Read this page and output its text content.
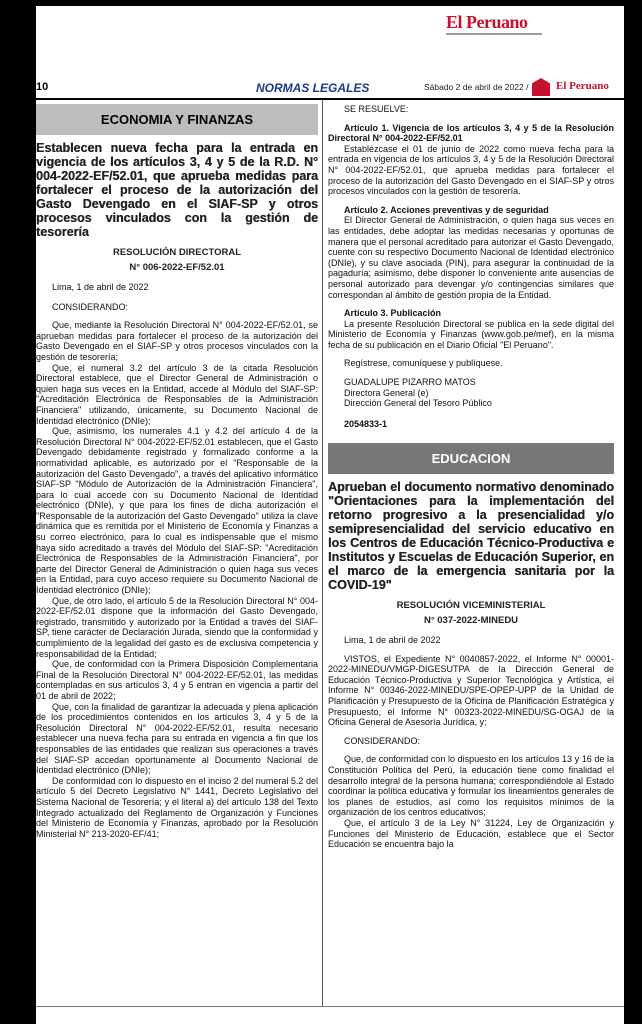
El Peruano
10	NORMAS LEGALES	Sábado 2 de abril de 2022 /	El Peruano
ECONOMIA Y FINANZAS
Establecen nueva fecha para la entrada en vigencia de los artículos 3, 4 y 5 de la R.D. N° 004-2022-EF/52.01, que aprueba medidas para fortalecer el proceso de la autorización del Gasto Devengado en el SIAF-SP y otros procesos vinculados con la gestión de tesorería
RESOLUCIÓN DIRECTORAL
N° 006-2022-EF/52.01

Lima, 1 de abril de 2022

CONSIDERANDO:

Que, mediante la Resolución Directoral N° 004-2022-EF/52.01, se aprueban medidas para fortalecer el proceso de la autorización del Gasto Devengado en el SIAF-SP y otros procesos vinculados con la gestión de tesorería;

Que, el numeral 3.2 del artículo 3 de la citada Resolución Directoral establece, que el Director General de Administración o quien haga sus veces en la Entidad, accede al Módulo del SIAF-SP: "Acreditación Electrónica de Responsables de la Administración Financiera" utilizando, únicamente, su Documento Nacional de Identidad electrónico (DNIe);

Que, asimismo, los numerales 4.1 y 4.2 del artículo 4 de la Resolución Directoral N° 004-2022-EF/52.01 establecen, que el Gasto Devengado debidamente registrado y formalizado conforme a la normatividad aplicable, es autorizado por el "Responsable de la autorización del Gasto Devengado", a través del aplicativo informático SIAF-SP "Módulo de Autorización de la Administración Financiera", para lo cual accede con su Documento Nacional de Identidad electrónico (DNIe), y que para los fines de dicha autorización el "Responsable de la autorización del Gasto Devengado" utiliza la clave dinámica que es remitida por el Ministerio de Economía y Finanzas a su correo electrónico, para lo cual es indispensable que el mismo haya sido acreditado a través del Módulo del SIAF-SP: "Acreditación Electrónica de Responsables de la Administración Financiera", por parte del Director General de Administración o quien haga sus veces en la Entidad, para cuyo acceso requiere su Documento Nacional de Identidad electrónico (DNIe);

Que, de otro lado, el artículo 5 de la Resolución Directoral N° 004-2022-EF/52.01 dispone que la información del Gasto Devengado, registrado, transmitido y autorizado por la Entidad a través del SIAF-SP, tiene carácter de Declaración Jurada, siendo que la conformidad y cumplimiento de la legalidad del gasto es de exclusiva competencia y responsabilidad de la Entidad;

Que, de conformidad con la Primera Disposición Complementaria Final de la Resolución Directoral N° 004-2022-EF/52.01, las medidas contempladas en sus artículos 3, 4 y 5 entran en vigencia a partir del 01 de abril de 2022;

Que, con la finalidad de garantizar la adecuada y plena aplicación de los procedimientos contenidos en los artículos 3, 4 y 5 de la Resolución Directoral N° 004-2022-EF/52.01, resulta necesario establecer una nueva fecha para su entrada en vigencia a fin que los responsables de las entidades que realizan sus operaciones a través del SIAF-SP accedan oportunamente al Documento Nacional de Identidad electrónico (DNIe);

De conformidad con lo dispuesto en el inciso 2 del numeral 5.2 del artículo 5 del Decreto Legislativo N° 1441, Decreto Legislativo del Sistema Nacional de Tesorería; y el literal a) del artículo 138 del Texto Integrado actualizado del Reglamento de Organización y Funciones del Ministerio de Economía y Finanzas, aprobado por la Resolución Ministerial N° 213-2020-EF/41;

SE RESUELVE:

Artículo 1. Vigencia de los artículos 3, 4 y 5 de la Resolución Directoral N° 004-2022-EF/52.01

Establézcase el 01 de junio de 2022 como nueva fecha para la entrada en vigencia de los artículos 3, 4 y 5 de la Resolución Directoral N° 004-2022-EF/52.01, que aprueba medidas para fortalecer el proceso de la autorización del Gasto Devengado en el SIAF-SP y otros procesos vinculados con la gestión de tesorería.

Artículo 2. Acciones preventivas y de seguridad

El Director General de Administración, o quien haga sus veces en las entidades, debe adoptar las medidas necesarias y oportunas de manera que el personal acreditado para autorizar el Gasto Devengado, cuente con su respectivo Documento Nacional de Identidad electrónico (DNIe), y su clave asociada (PIN), para asegurar la continuidad de la pagaduría; asimismo, debe disponer lo conveniente ante ausencias de personal autorizado para devengar y/o contingencias similares que correspondan al ámbito de gestión propia de la Entidad.

Artículo 3. Publicación

La presente Resolución Directoral se publica en la sede digital del Ministerio de Economía y Finanzas (www.gob.pe/mef), en la misma fecha de su publicación en el Diario Oficial "El Peruano".

Regístrese, comuníquese y publíquese.

GUADALUPE PIZARRO MATOS
Directora General (e)
Dirección General del Tesoro Público
2054833-1
EDUCACION
Aprueban el documento normativo denominado "Orientaciones para la implementación del retorno progresivo a la presencialidad y/o semipresencialidad del servicio educativo en los Centros de Educación Técnico-Productiva e Institutos y Escuelas de Educación Superior, en el marco de la emergencia sanitaria por la COVID-19"
RESOLUCIÓN VICEMINISTERIAL
N° 037-2022-MINEDU

Lima, 1 de abril de 2022

VISTOS, el Expediente N° 0040857-2022, el Informe N° 00001-2022-MINEDU/VMGP-DIGESUTPA de la Dirección General de Educación Técnico-Productiva y Superior Tecnológica y Artística, el Informe N° 00346-2022-MINEDU/SPE-OPEP-UPP de la Unidad de Planificación y Presupuesto de la Oficina de Planificación Estratégica y Presupuesto, el Informe N° 00323-2022-MINEDU/SG-OGAJ de la Oficina General de Asesoría Jurídica, y;

CONSIDERANDO:

Que, de conformidad con lo dispuesto en los artículos 13 y 16 de la Constitución Política del Perú, la educación tiene como finalidad el desarrollo integral de la persona humana; correspondiéndole al Estado coordinar la política educativa y formular los lineamientos generales de los planes de estudios, así como los requisitos mínimos de la organización de los centros educativos;

Que, el artículo 3 de la Ley N° 31224, Ley de Organización y Funciones del Ministerio de Educación, establece que el Sector Educación se encuentra bajo la
